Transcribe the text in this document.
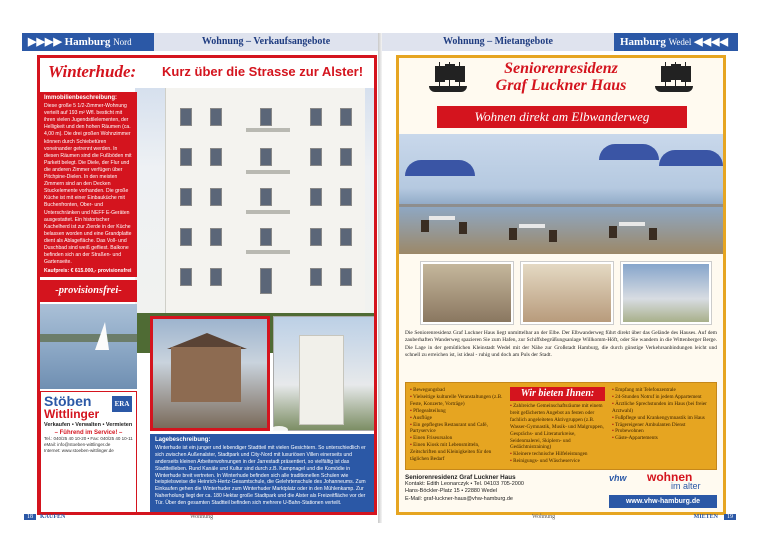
▶▶▶▶ Hamburg Nord	Wohnung – Verkaufsangebote
Winterhude:	Kurz über die Strasse zur Alster!
Immobilienbeschreibung:
Diese große 5 1/2-Zimmer-Wohnung verteilt auf 193 m² Wfl. besticht mit ihren vielen Jugendstilelementen, der Helligkeit und den hohen Räumen (ca. 4,00 m). Die drei großen Wohnzimmer können durch Schiebetüren voneinander getrennt werden. In diesen Räumen sind die Fußböden mit Parkett belegt. Die Diele, der Flur und die anderen Zimmer verfügen über Pitchpine-Dielen. In den meisten Zimmern sind an den Decken Stuckelemente vorhanden. Die große Küche ist mit einer Einbauküche mit Buchenfronten, Ober- und Unterschränken und NEFF E-Geräten ausgestattet. Ein historischer Kachelherd ist zur Zierde in der Küche belassen worden und eine Grandplatte dient als Ablagefläche. Das Voll- und Duschbad sind weiß gefliest. Balkone befinden sich an der Straßen- und Gartenseite.
Kaufpreis: € 615.000,- provisionsfrei
-provisionsfrei-
ERA
Stöben
Wittlinger
Verkaufen • Verwalten • Vermieten
– Führend im Service! –
Tel.: 040/25 40 10-20 • Fax: 040/25 40 10-11
eMail: info@stoeben-wittlinger.de
Internet: www.stoeben-wittlinger.de
Lagebeschreibung:
Winterhude ist ein junger und lebendiger Stadtteil mit vielen Gesichtern. So unterschiedlich er sich zwischen Außenalster, Stadtpark und City-Nord mit luxuriösen Villen einerseits und anderseits kleinen Arbeiterwohnungen in der Jarrestadt präsentiert, so vielfältig ist das Stadtteilleben. Rund Kanäle und Kultur sind durch z.B. Kampnagel und die Komödie in Winterhude breit vertreten. In Winterhude befinden sich alle traditionellen Schulen wie beispielsweise die Heinrich-Hertz-Gesamtschule, die Gelehrtenschule des Johanneums. Zum Einkaufen gehen die Winterhuder zum Winterhuder Marktplatz oder in den Mühlenkamp. Zur Naherholung liegt der ca. 180 Hektar große Stadtpark und die Alster als Freizeitfläche vor der Tür. Über den gesamten Stadtteil befinden sich mehrere U-Bahn-Stationen verteilt.
18	KAUFEN	Wohnung
Wohnung – Mietangebote	Hamburg Wedel ◀◀◀◀
Seniorenresidenz
Graf Luckner Haus
Wohnen direkt am Elbwanderweg
Die Seniorenresidenz Graf Luckner Haus liegt unmittelbar an der Elbe. Der Elbwanderweg führt direkt über das Gelände des Hauses. Auf dem zauberhaften Wanderweg spazieren Sie zum Hafen, zur Schiffsbegrüßungsanlage Willkomm-Höft, oder Sie wandern in die Wittenberger Berge. Die Lage in der gemütlichen Kleinstadt Wedel mit der Nähe zur Großstadt Hamburg, die durch günstige Verkehrsanbindungen leicht und schnell zu erreichen ist, ist ideal - ruhig und doch am Puls der Stadt.
Wir bieten Ihnen:
▪ Bewegungsbad
▪ Vielseitige kulturelle Veranstaltungen (z.B. Feste, Konzerte, Vorträge)
▪ Pflegeabteilung
▪ Ausflüge
▪ Ein gepflegtes Restaurant und Café, Partyservice
▪ Einen Friseursalon
▪ Einen Kiosk mit Lebensmitteln, Zeitschriften und Kleinigkeiten für den täglichen Bedarf
▪ Zahlreiche Gemeinschaftsräume mit einem breit gefächerten Angebot an festen oder fachlich angeleiteten Aktivgruppen (z.B. Wasser-Gymnastik, Musik- und Malgruppen, Gesprächs- und Literaturkreise, Seidenmalerei, Skiplern- und Gedächtnistraining)
▪ Kleinere technische Hilfeleistungen
▪ Reinigungs- und Wäscheservice
▪ Empfang mit Telefonzentrale
▪ 24-Stunden Notruf in jedem Appartement
▪ Ärztliche Sprechstunden im Haus (bei freier Arztwahl)
▪ Fußpflege und Krankengymnastik im Haus
▪ Trägereigener Ambulanten Dienst
▪ Probewohnen
▪ Gäste-Appartements
Seniorenresidenz Graf Luckner Haus
Kontakt: Edith Leonarczyk • Tel. 04103 705-2000
Hans-Böckler-Platz 15 • 22880 Wedel
E-Mail: graf-luckner-haus@vhw-hamburg.de
vhw wohnen
im alter
www.vhw-hamburg.de
Wohnung	MIETEN	19
